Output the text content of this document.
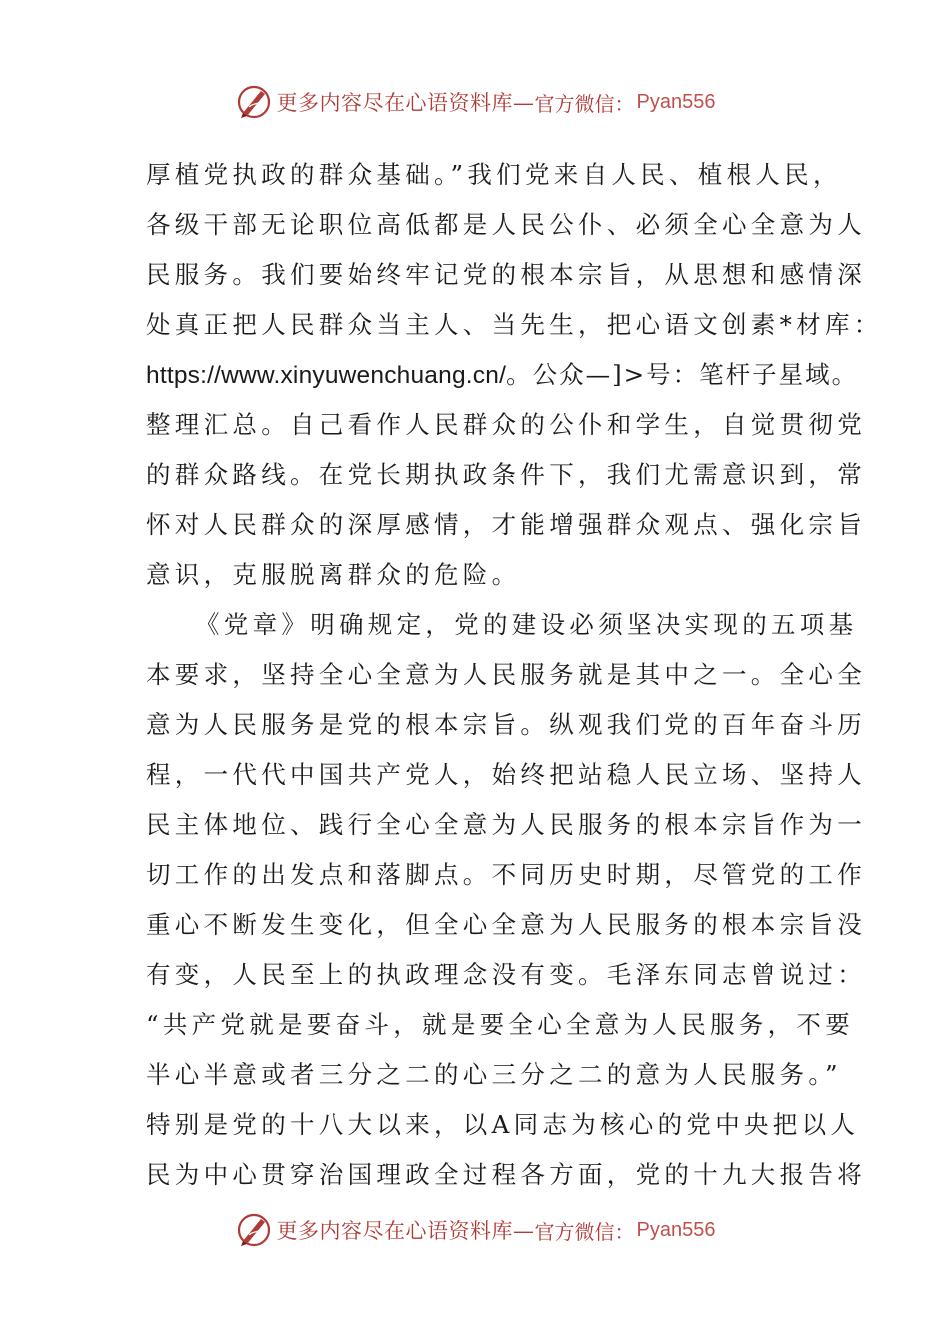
更多内容尽在心语资料库— 官方微信： Pyan556
厚植党执政的群众基础。”我们党来自人民、植根人民，
各级干部无论职位高低都是人民公仆、必须全心全意为人
民服务。我们要始终牢记党的根本宗旨，从思想和感情深
处真正把人民群众当主人、当先生，把心语文创素*材库：
https://www.xinyuwenchuang.cn/。公众—]>号：笔杆子星域。
整理汇总。自己看作人民群众的公仆和学生，自觉贯彻党
的群众路线。在党长期执政条件下，我们尤需意识到，常
怀对人民群众的深厚感情，才能增强群众观点、强化宗旨
意识，克服脱离群众的危险。
《党章》明确规定，党的建设必须坚决实现的五项基
本要求，坚持全心全意为人民服务就是其中之一。全心全
意为人民服务是党的根本宗旨。纵观我们党的百年奋斗历
程，一代代中国共产党人，始终把站稳人民立场、坚持人
民主体地位、践行全心全意为人民服务的根本宗旨作为一
切工作的出发点和落脚点。不同历史时期，尽管党的工作
重心不断发生变化，但全心全意为人民服务的根本宗旨没
有变，人民至上的执政理念没有变。毛泽东同志曾说过：
“共产党就是要奋斗，就是要全心全意为人民服务，不要
半心半意或者三分之二的心三分之二的意为人民服务。”
特别是党的十八大以来，以A同志为核心的党中央把以人
民为中心贯穿治国理政全过程各方面，党的十九大报告将
更多内容尽在心语资料库— 官方微信： Pyan556
